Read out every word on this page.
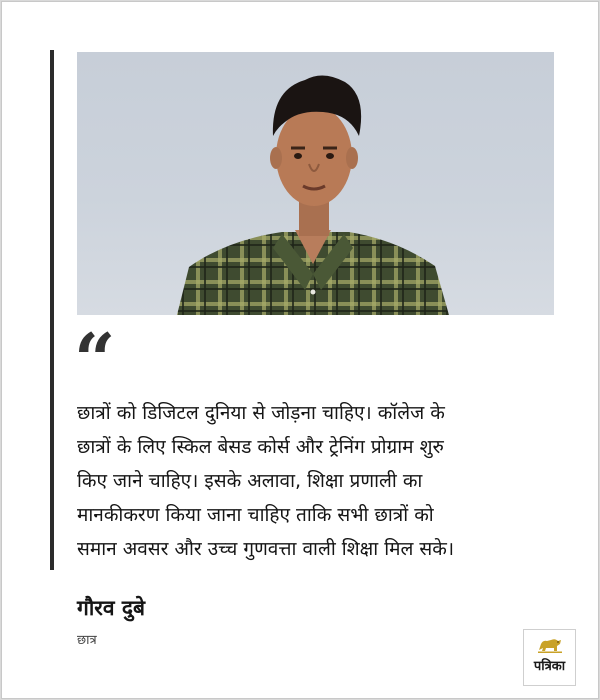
“
छात्रों को डिजिटल दुनिया से जोड़ना चाहिए। कॉलेज के
छात्रों के लिए स्किल बेसड कोर्स और ट्रेनिंग प्रोग्राम शुरु
किए जाने चाहिए। इसके अलावा, शिक्षा प्रणाली का
मानकीकरण किया जाना चाहिए ताकि सभी छात्रों को
समान अवसर और उच्च गुणवत्ता वाली शिक्षा मिल सके।
गौरव दुबे
छात्र
पत्रिका
